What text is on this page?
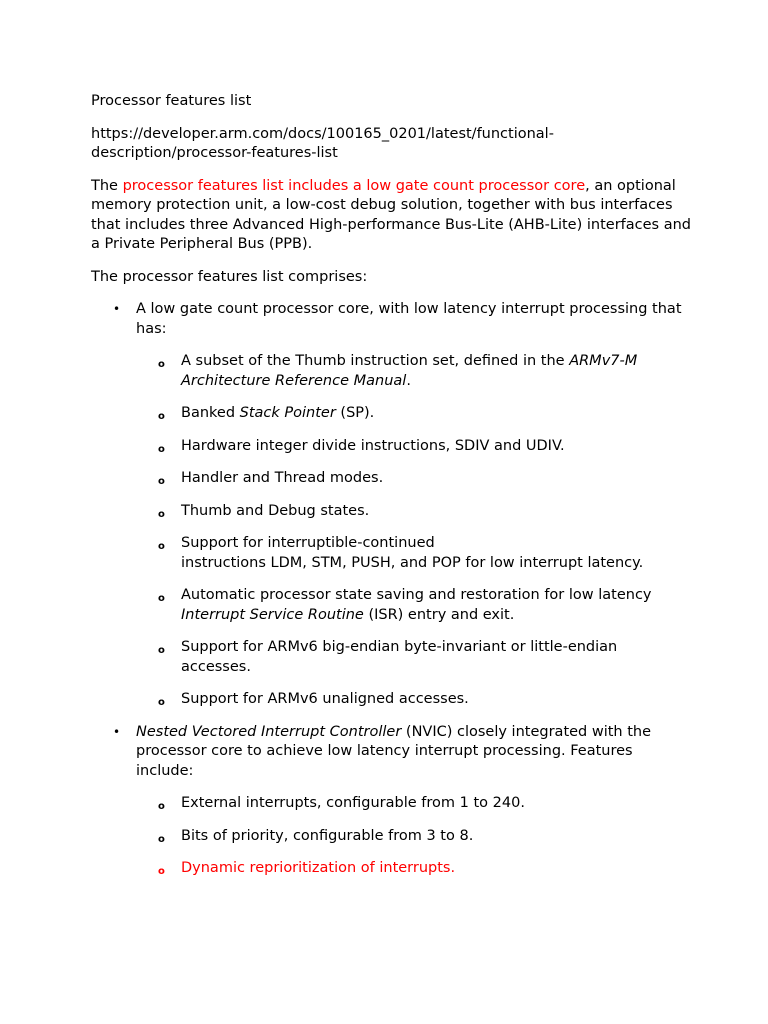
Processor features list

https://developer.arm.com/docs/100165_0201/latest/functional-description/processor-features-list

The processor features list includes a low gate count processor core, an optional memory protection unit, a low-cost debug solution, together with bus interfaces that includes three Advanced High-performance Bus-Lite (AHB-Lite) interfaces and a Private Peripheral Bus (PPB).

The processor features list comprises:

• A low gate count processor core, with low latency interrupt processing that has:
o A subset of the Thumb instruction set, defined in the ARMv7-M Architecture Reference Manual.
o Banked Stack Pointer (SP).
o Hardware integer divide instructions, SDIV and UDIV.
o Handler and Thread modes.
o Thumb and Debug states.
o Support for interruptible-continued
instructions LDM, STM, PUSH, and POP for low interrupt latency.
o Automatic processor state saving and restoration for low latency Interrupt Service Routine (ISR) entry and exit.
o Support for ARMv6 big-endian byte-invariant or little-endian accesses.
o Support for ARMv6 unaligned accesses.
• Nested Vectored Interrupt Controller (NVIC) closely integrated with the processor core to achieve low latency interrupt processing. Features include:
o External interrupts, configurable from 1 to 240.
o Bits of priority, configurable from 3 to 8.
o Dynamic reprioritization of interrupts.
